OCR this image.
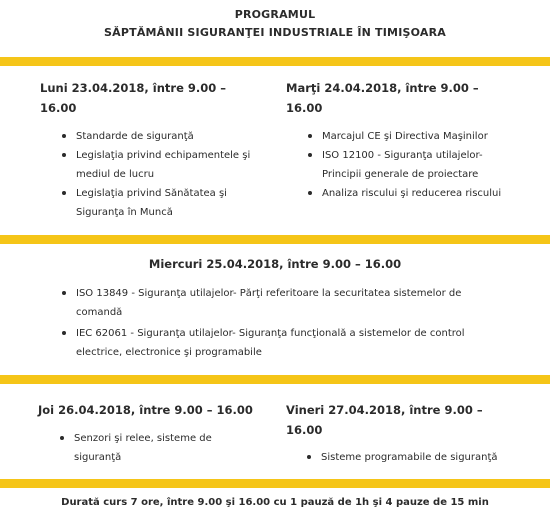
PROGRAMUL
SĂPTĂMÂNII SIGURANŢEI INDUSTRIALE ÎN TIMIŞOARA
Luni 23.04.2018, între 9.00 – 16.00
Standarde de siguranţă
Legislaţia privind echipamentele şi mediul de lucru
Legislaţia privind Sănătatea şi Siguranţa în Muncă
Marţi 24.04.2018, între 9.00 – 16.00
Marcajul CE şi Directiva Maşinilor
ISO 12100 - Siguranţa utilajelor- Principii generale de proiectare
Analiza riscului şi reducerea riscului
Miercuri 25.04.2018, între 9.00 – 16.00
ISO 13849 - Siguranţa utilajelor- Părţi referitoare la securitatea sistemelor de comandă
IEC 62061 - Siguranţa utilajelor- Siguranţa funcţională a sistemelor de control electrice, electronice şi programabile
Joi 26.04.2018, între 9.00 – 16.00
Senzori şi relee, sisteme de siguranţă
Vineri 27.04.2018, între 9.00 – 16.00
Sisteme programabile de siguranţă
Durată curs 7 ore, între 9.00 şi 16.00 cu 1 pauză de 1h şi 4 pauze de 15 min
